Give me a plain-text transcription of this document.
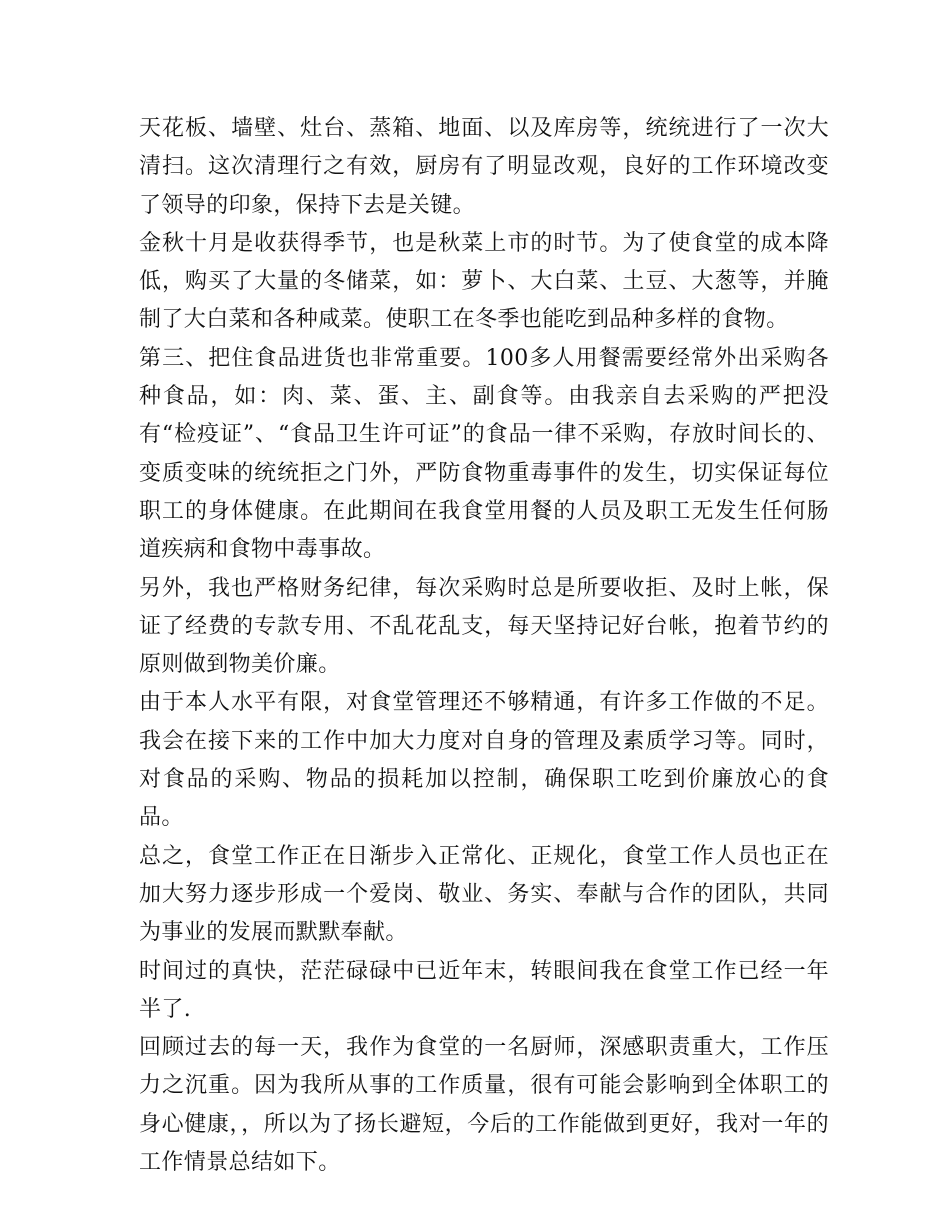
天花板、墙壁、灶台、蒸箱、地面、以及库房等，统统进行了一次大清扫。这次清理行之有效，厨房有了明显改观，良好的工作环境改变了领导的印象，保持下去是关键。

金秋十月是收获得季节，也是秋菜上市的时节。为了使食堂的成本降低，购买了大量的冬储菜，如：萝卜、大白菜、土豆、大葱等，并腌制了大白菜和各种咸菜。使职工在冬季也能吃到品种多样的食物。

第三、把住食品进货也非常重要。100多人用餐需要经常外出采购各种食品，如：肉、菜、蛋、主、副食等。由我亲自去采购的严把没有“检疫证”、“食品卫生许可证”的食品一律不采购，存放时间长的、变质变味的统统拒之门外，严防食物重毒事件的发生，切实保证每位职工的身体健康。在此期间在我食堂用餐的人员及职工无发生任何肠道疾病和食物中毒事故。

另外，我也严格财务纪律，每次采购时总是所要收拒、及时上帐，保证了经费的专款专用、不乱花乱支，每天坚持记好台帐，抱着节约的原则做到物美价廉。

由于本人水平有限，对食堂管理还不够精通，有许多工作做的不足。我会在接下来的工作中加大力度对自身的管理及素质学习等。同时，对食品的采购、物品的损耗加以控制，确保职工吃到价廉放心的食品。

总之，食堂工作正在日渐步入正常化、正规化，食堂工作人员也正在加大努力逐步形成一个爱岗、敬业、务实、奉献与合作的团队，共同为事业的发展而默默奉献。

时间过的真快，茫茫碌碌中已近年末，转眼间我在食堂工作已经一年半了.

回顾过去的每一天，我作为食堂的一名厨师，深感职责重大，工作压力之沉重。因为我所从事的工作质量，很有可能会影响到全体职工的身心健康，，所以为了扬长避短，今后的工作能做到更好，我对一年的工作情景总结如下。
